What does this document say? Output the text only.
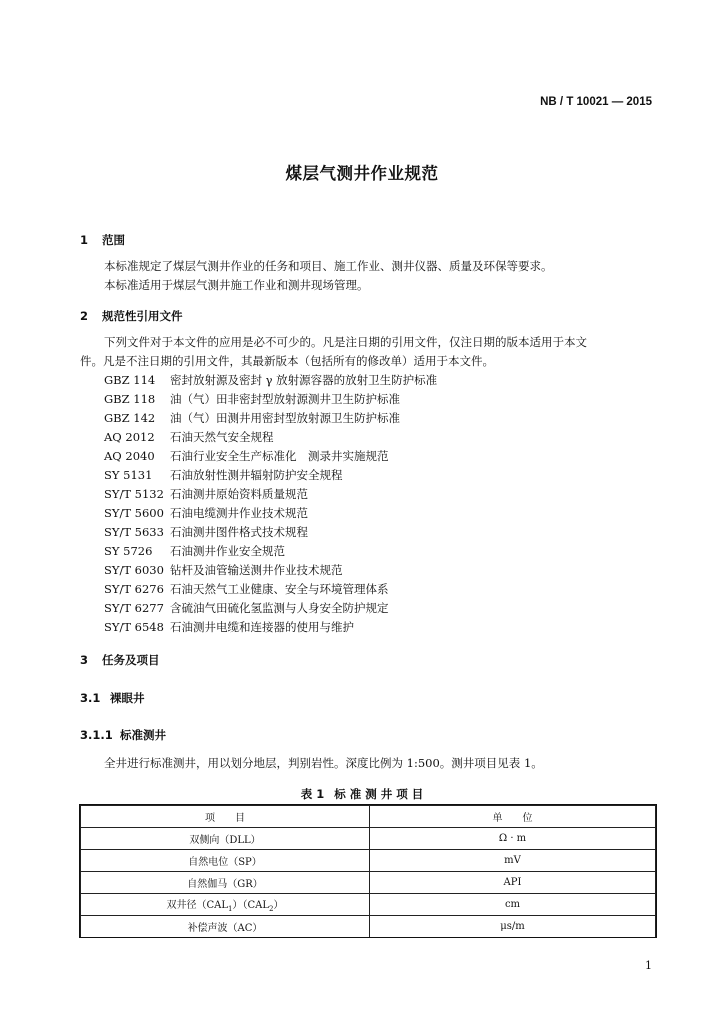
NB / T 10021 — 2015
煤层气测井作业规范
1 范围
本标准规定了煤层气测井作业的任务和项目、施工作业、测井仪器、质量及环保等要求。
本标准适用于煤层气测井施工作业和测井现场管理。
2 规范性引用文件
下列文件对于本文件的应用是必不可少的。凡是注日期的引用文件，仅注日期的版本适用于本文
件。凡是不注日期的引用文件，其最新版本（包括所有的修改单）适用于本文件。
GBZ 114 密封放射源及密封 γ 放射源容器的放射卫生防护标准
GBZ 118 油（气）田非密封型放射源测井卫生防护标准
GBZ 142 油（气）田测井用密封型放射源卫生防护标准
AQ 2012 石油天然气安全规程
AQ 2040 石油行业安全生产标准化　测录井实施规范
SY 5131 石油放射性测井辐射防护安全规程
SY/T 5132 石油测井原始资料质量规范
SY/T 5600 石油电缆测井作业技术规范
SY/T 5633 石油测井图件格式技术规程
SY 5726 石油测井作业安全规范
SY/T 6030 钻杆及油管输送测井作业技术规范
SY/T 6276 石油天然气工业健康、安全与环境管理体系
SY/T 6277 含硫油气田硫化氢监测与人身安全防护规定
SY/T 6548 石油测井电缆和连接器的使用与维护
3 任务及项目
3.1 裸眼井
3.1.1 标准测井
全井进行标准测井，用以划分地层，判别岩性。深度比例为 1:500。测井项目见表 1。
表 1 标 准 测 井 项 目
项　　目	单　　位
双侧向（DLL）	Ω · m
自然电位（SP）	mV
自然伽马（GR）	API
双井径$(CAL_1)(CAL_2)$	cm
补偿声波（AC）	μs/m
1
